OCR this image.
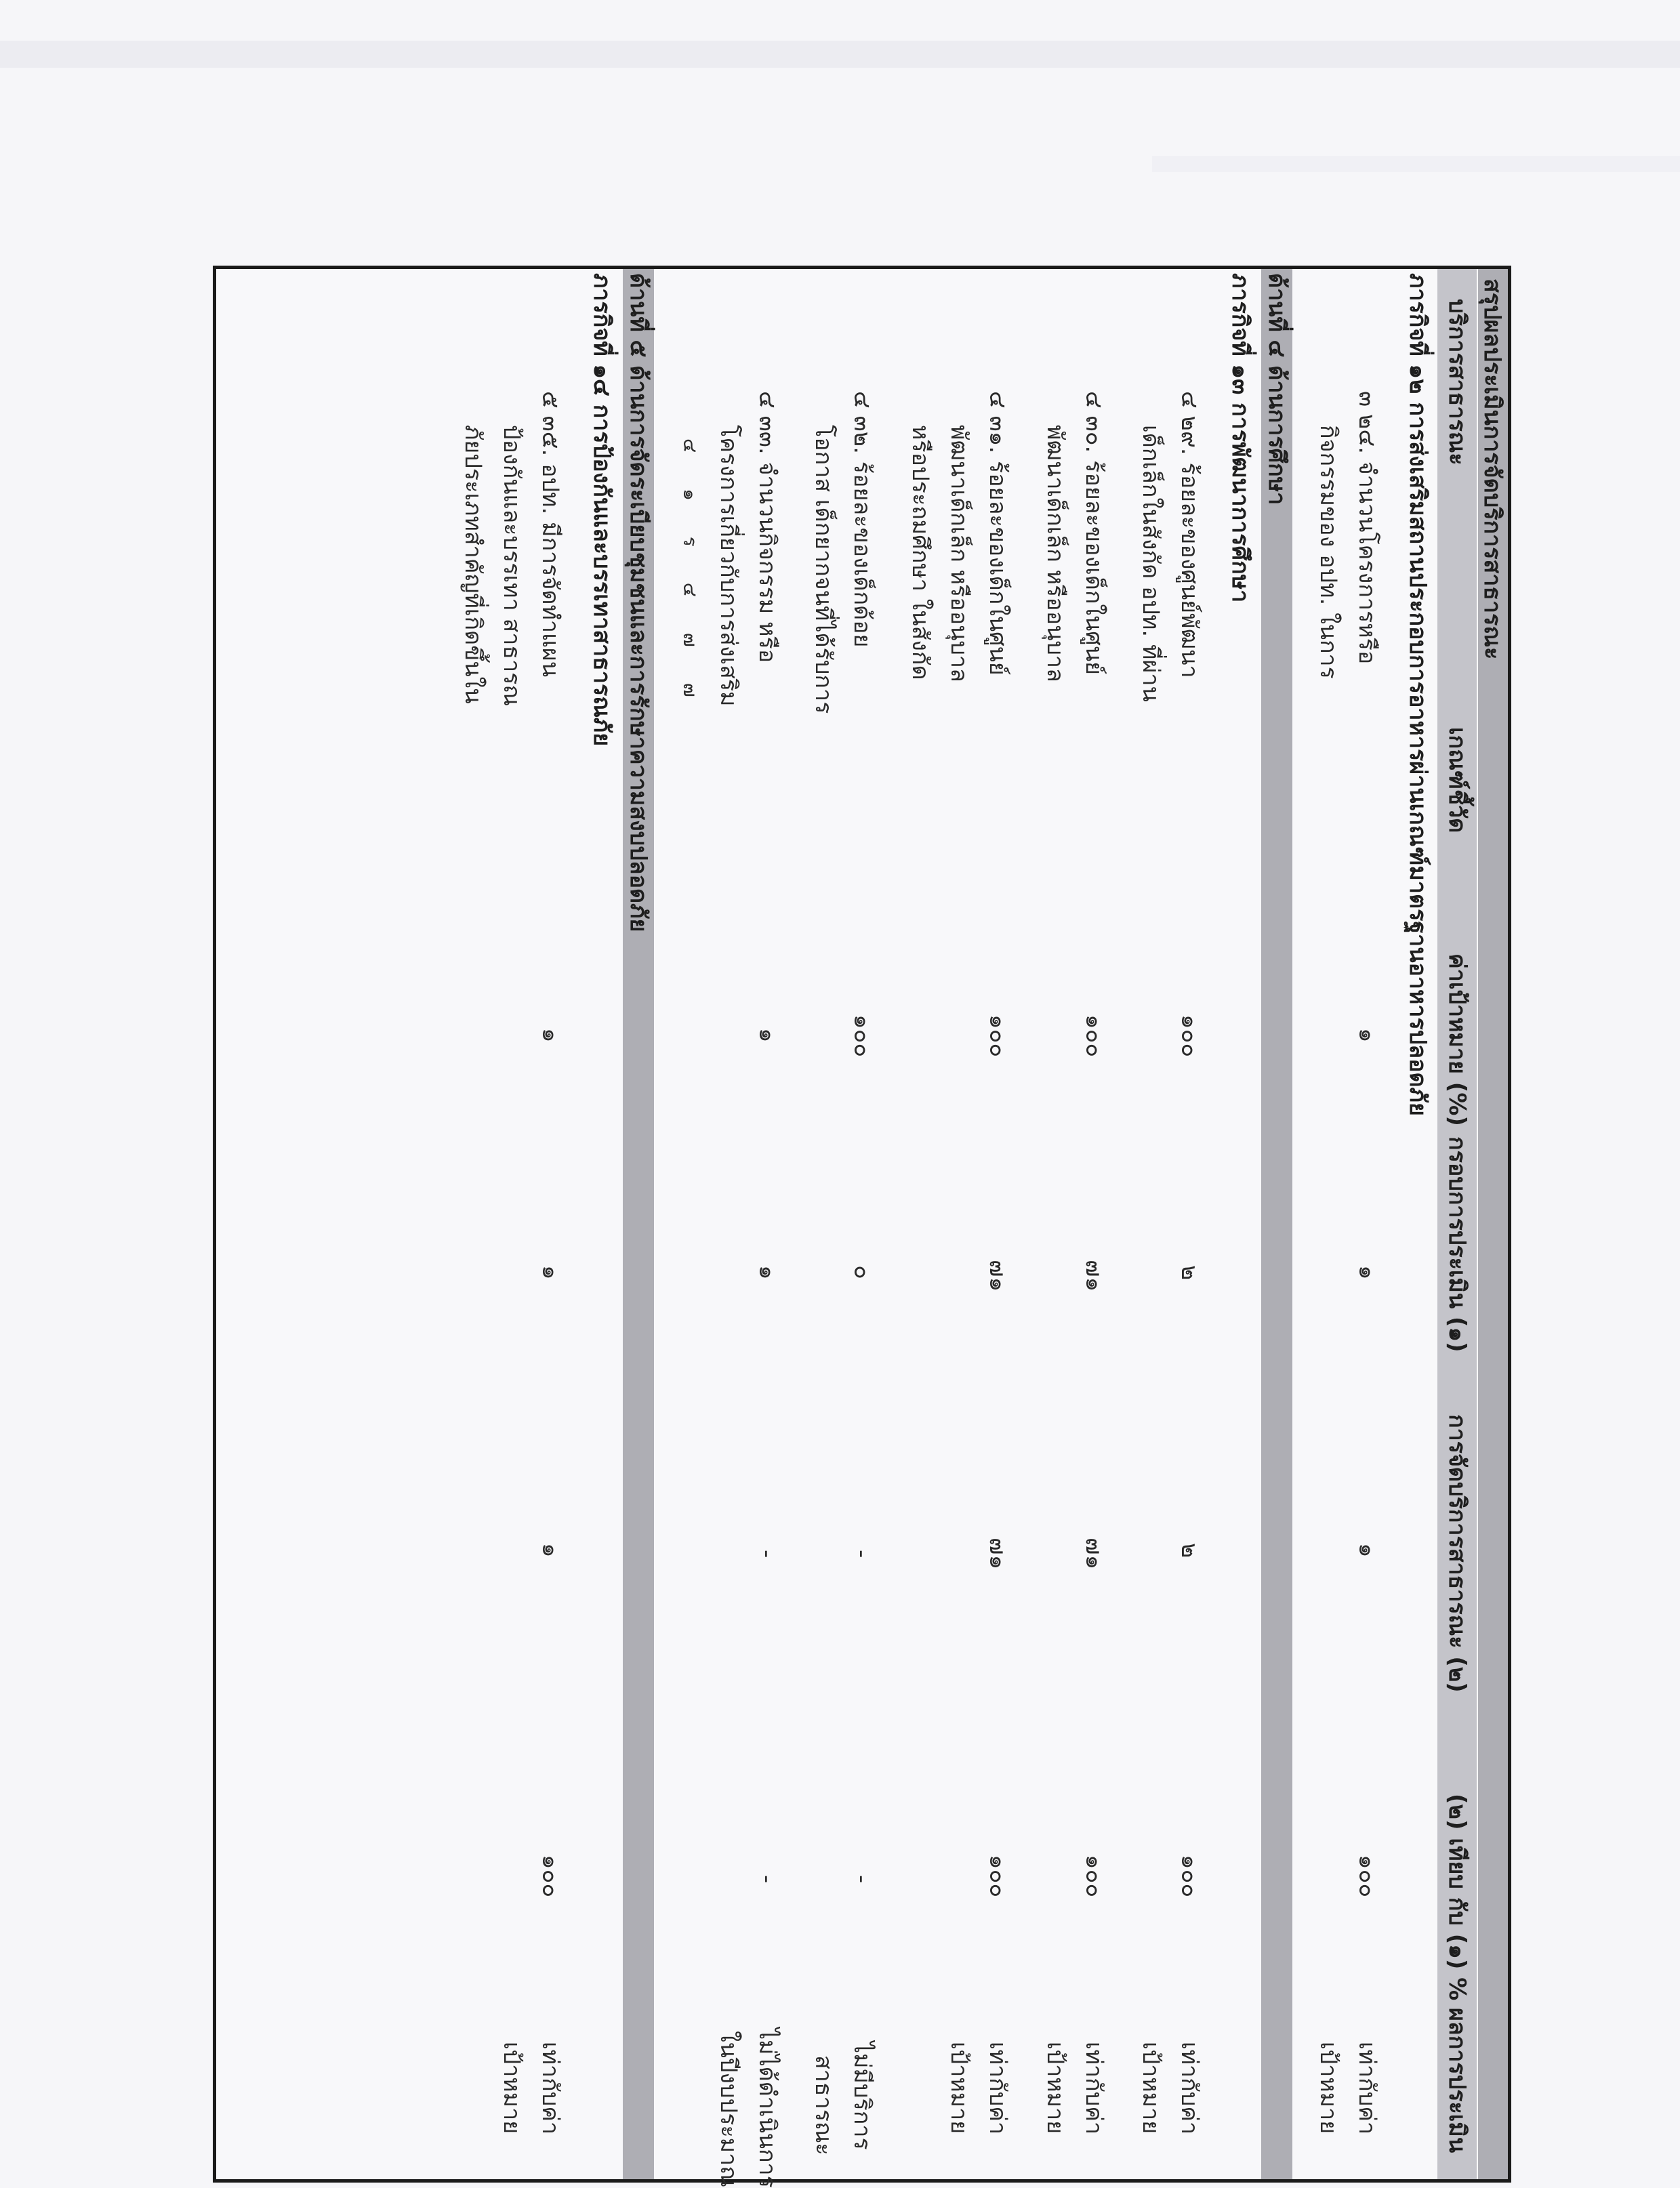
สรุปผลประเมินการจัดบริการสาธารณะ
บริการสาธารณะ
เกณฑ์ชี้วัด
ค่าเป้าหมาย (%)
กรอบการประเมิน (๑)
การจัดบริการสาธารณะ (๒)
(๒) เทียบ กับ (๑) %
ผลการประเมิน
ภารกิจที่ ๑๒ การส่งเสริมสถานประกอบการอาหารผ่านเกณฑ์มาตรฐานอาหารปลอดภัย
๓ ๒๔. จำนวนโครงการหรือ
กิจกรรมของ อปท. ในการ
๑
๑
๑
๑๐๐
เท่ากับค่า
เป้าหมาย
ด้านที่ ๔ ด้านการศึกษา
ภารกิจที่ ๑๓ การพัฒนาการศึกษา
๔ ๒๙. ร้อยละของศูนย์พัฒนา
เด็กเล็กในสังกัด อปท. ที่ผ่าน
๑๐๐
๒
๒
๑๐๐
เท่ากับค่า
เป้าหมาย
๔ ๓๐. ร้อยละของเด็กในศูนย์
พัฒนาเด็กเล็ก หรืออนุบาล
๑๐๐
๗๑
๗๑
๑๐๐
เท่ากับค่า
เป้าหมาย
๔ ๓๑. ร้อยละของเด็กในศูนย์
พัฒนาเด็กเล็ก หรืออนุบาล
หรือประถมศึกษา ในสังกัด
๑๐๐
๗๑
๗๑
๑๐๐
เท่ากับค่า
เป้าหมาย
๔ ๓๒. ร้อยละของเด็กด้อย
โอกาส เด็กยากจนที่ได้รับการ
๑๐๐
๐
-
-
ไม่มีบริการ
สาธารณะ
๔ ๓๓. จำนวนกิจกรรม หรือ
โครงการเกี่ยวกับการส่งเสริม
๔ ๑ ร ๔ ๗ ๗
๑
๑
-
-
ไม่ได้ดำเนินการ
ในปีงบประมาณ
ด้านที่ ๕ ด้านการจัดระเบียบชุมชนและการรักษาความสงบปลอดภัย
ภารกิจที่ ๑๔ การป้องกันและบรรเทาสาธารณภัย
๕ ๓๕. อปท. มีการจัดทำแผน
ป้องกันและบรรเทา สาธารณ
ภัยประเภทสำคัญที่เกิดขึ้นใน
๑
๑
๑
๑๐๐
เท่ากับค่า
เป้าหมาย
